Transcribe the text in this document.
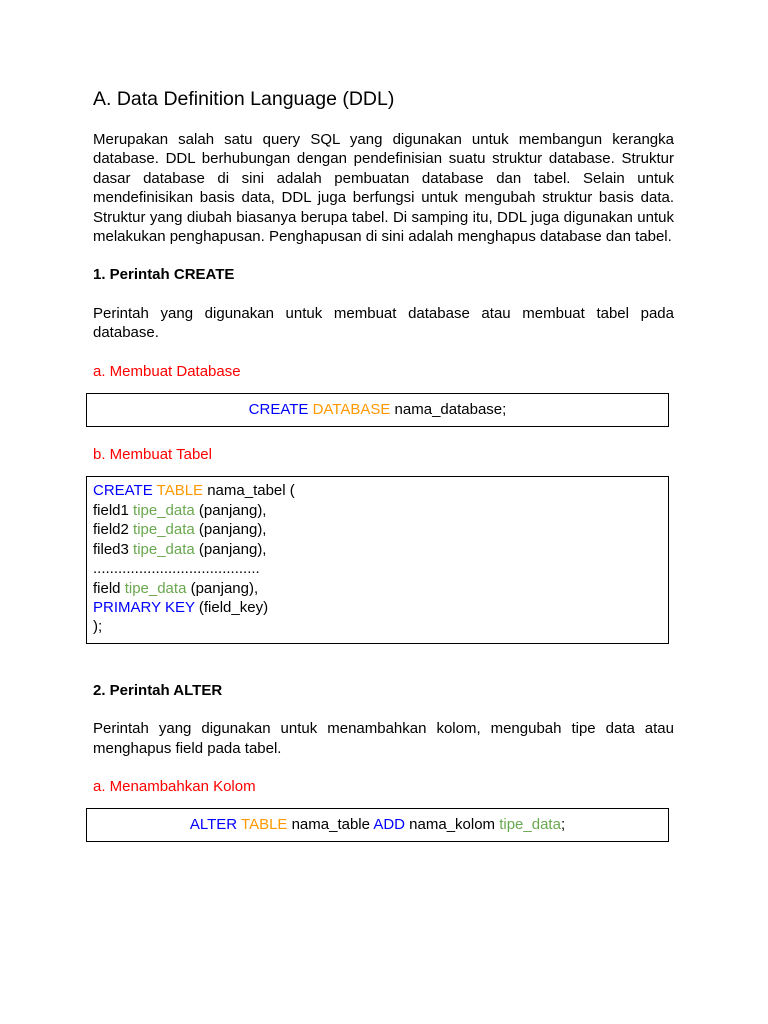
A. Data Definition Language (DDL)

Merupakan salah satu query SQL yang digunakan untuk membangun kerangka database. DDL berhubungan dengan pendefinisian suatu struktur database. Struktur dasar database di sini adalah pembuatan database dan tabel. Selain untuk mendefinisikan basis data, DDL juga berfungsi untuk mengubah struktur basis data. Struktur yang diubah biasanya berupa tabel. Di samping itu, DDL juga digunakan untuk melakukan penghapusan. Penghapusan di sini adalah menghapus database dan tabel.

1. Perintah CREATE

Perintah yang digunakan untuk membuat database atau membuat tabel pada database.

a. Membuat Database
CREATE DATABASE nama_database;
b. Membuat Tabel
CREATE TABLE nama_tabel (
field1 tipe_data (panjang),
field2 tipe_data (panjang),
filed3 tipe_data (panjang),
........................................
field tipe_data (panjang),
PRIMARY KEY (field_key)
);
2. Perintah ALTER

Perintah yang digunakan untuk menambahkan kolom, mengubah tipe data atau menghapus field pada tabel.

a. Menambahkan Kolom
ALTER TABLE nama_table ADD nama_kolom tipe_data;
